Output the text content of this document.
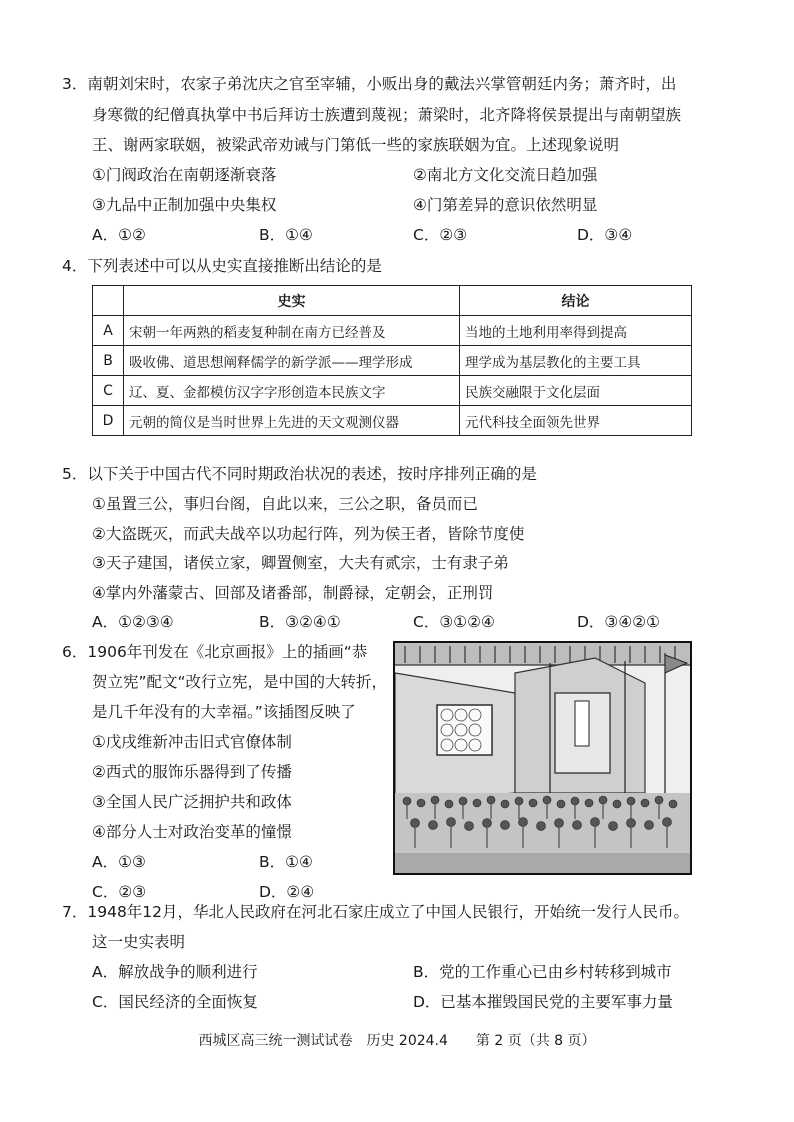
3．南朝刘宋时，农家子弟沈庆之官至宰辅，小贩出身的戴法兴掌管朝廷内务；萧齐时，出
身寒微的纪僧真执掌中书后拜访士族遭到蔑视；萧梁时，北齐降将侯景提出与南朝望族
王、谢两家联姻，被梁武帝劝诫与门第低一些的家族联姻为宜。上述现象说明
①门阀政治在南朝逐渐衰落	②南北方文化交流日趋加强
③九品中正制加强中央集权	④门第差异的意识依然明显
A．①②	B．①④	C．②③	D．③④
4．下列表述中可以从史实直接推断出结论的是
	史实	结论
A	宋朝一年两熟的稻麦复种制在南方已经普及	当地的土地利用率得到提高
B	吸收佛、道思想阐释儒学的新学派——理学形成	理学成为基层教化的主要工具
C	辽、夏、金都模仿汉字字形创造本民族文字	民族交融限于文化层面
D	元朝的简仪是当时世界上先进的天文观测仪器	元代科技全面领先世界
5．以下关于中国古代不同时期政治状况的表述，按时序排列正确的是
①虽置三公，事归台阁，自此以来，三公之职，备员而已
②大盗既灭，而武夫战卒以功起行阵，列为侯王者，皆除节度使
③天子建国，诸侯立家，卿置侧室，大夫有贰宗，士有隶子弟
④掌内外藩蒙古、回部及诸番部，制爵禄，定朝会，正刑罚
A．①②③④	B．③②④①	C．③①②④	D．③④②①
6．1906年刊发在《北京画报》上的插画“恭
贺立宪”配文“改行立宪，是中国的大转折，
是几千年没有的大幸福。”该插图反映了
①戊戌维新冲击旧式官僚体制
②西式的服饰乐器得到了传播
③全国人民广泛拥护共和政体
④部分人士对政治变革的憧憬
A．①③	B．①④
C．②③	D．②④
7．1948年12月，华北人民政府在河北石家庄成立了中国人民银行，开始统一发行人民币。
这一史实表明
A．解放战争的顺利进行	B．党的工作重心已由乡村转移到城市
C．国民经济的全面恢复	D．已基本摧毁国民党的主要军事力量
西城区高三统一测试试卷　历史 2024.4　　第 2 页（共 8 页）
